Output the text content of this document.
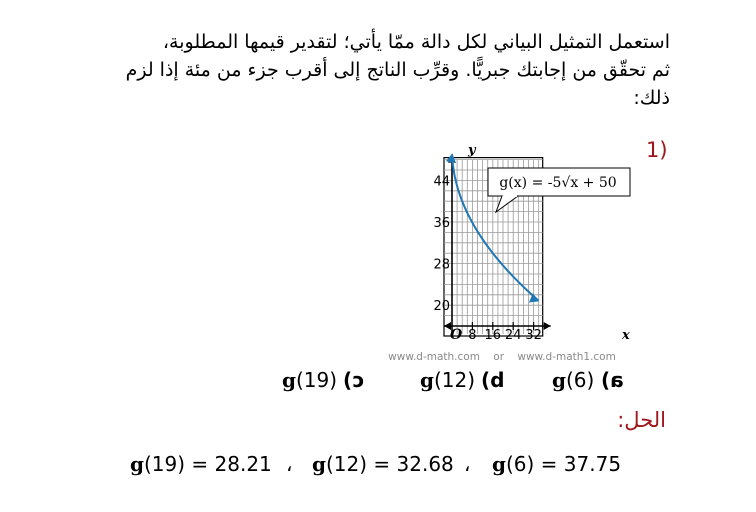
استعمل التمثيل البياني لكل دالة ممّا يأتي؛ لتقدير قيمها المطلوبة،
ثم تحقّق من إجابتك جبريًّا. وقرِّب الناتج إلى أقرب جزء من مئة إذا لزم
ذلك:
1)
8 16 24 32
20
28
36
44	g(x) = -5√x + 50
x
y
O
www.d-math.com    or    www.d-math1.com
g(19) c)	g(12) b) g(6) a)
الحل:
g(19) = 28.21 ، g(12) = 32.68 ، g(6) = 37.75
